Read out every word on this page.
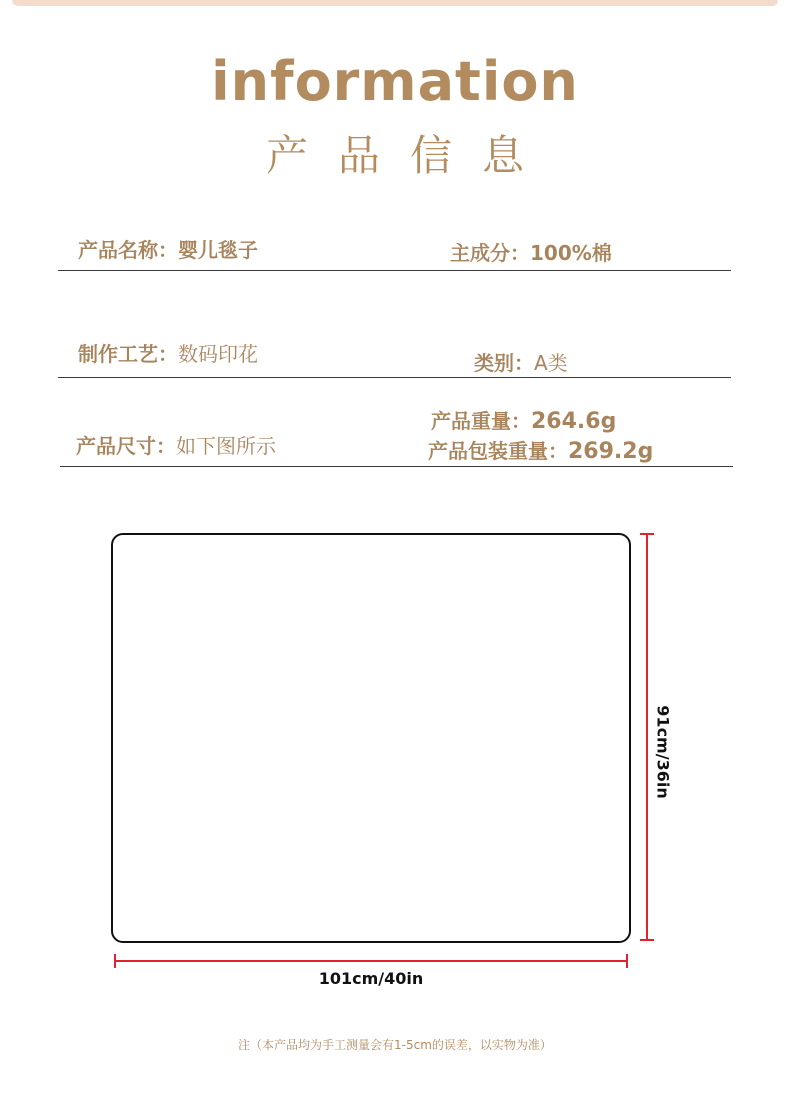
information
产品信息
产品名称：婴儿毯子	主成分：100%棉
制作工艺：数码印花	类别：A类
产品重量：264.6g
产品尺寸：如下图所示	产品包装重量：269.2g
91cm/36in
101cm/40in
注（本产品均为手工测量会有1-5cm的误差，以实物为准）
